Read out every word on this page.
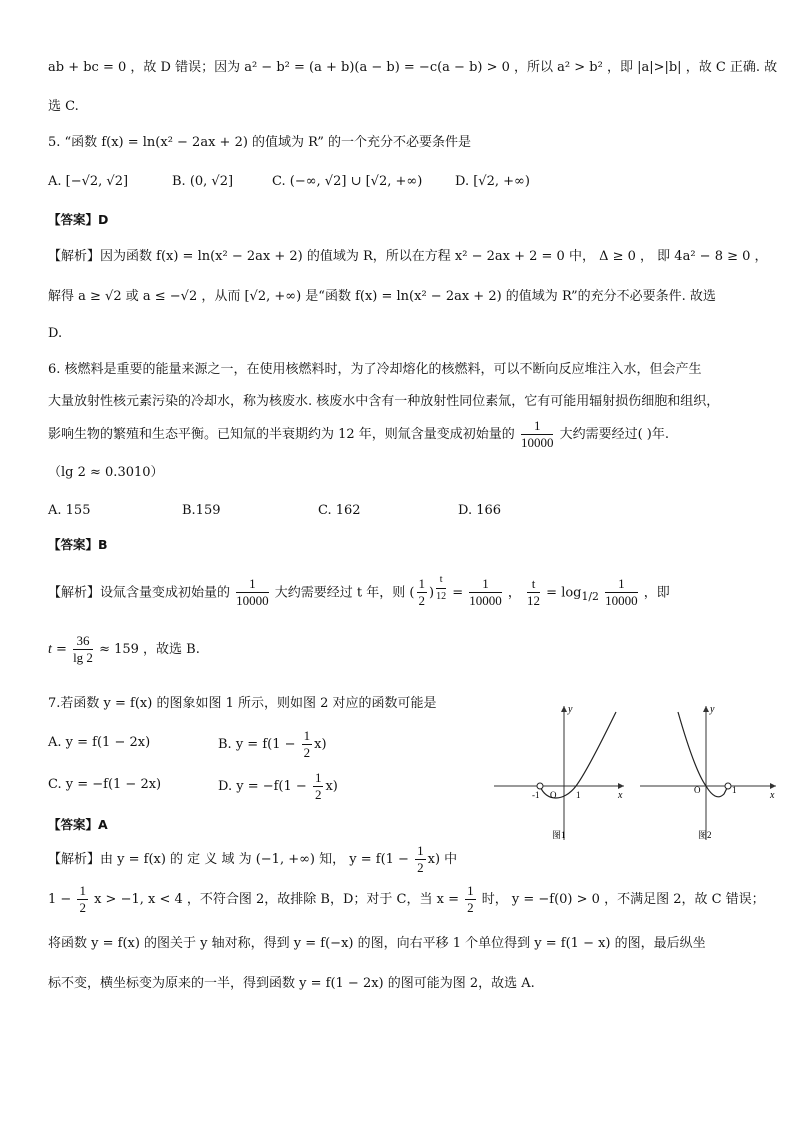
ab + bc = 0 ，故 D 错误；因为 a² − b² = (a + b)(a − b) = −c(a − b) > 0 ，所以 a² > b² ，即 |a|>|b| ，故 C 正确. 故
选 C.
5. “函数 f(x) = ln(x² − 2ax + 2) 的值域为 R” 的一个充分不必要条件是
A. [−√2, √2]	B. (0, √2]	C. (−∞, √2] ∪ [√2, +∞)	D. [√2, +∞)
【答案】D
【解析】因为函数 f(x) = ln(x² − 2ax + 2) 的值域为 R，所以在方程 x² − 2ax + 2 = 0 中， Δ ≥ 0 ， 即 4a² − 8 ≥ 0 ，
解得 a ≥ √2 或 a ≤ −√2 ，从而 [√2, +∞) 是“函数 f(x) = ln(x² − 2ax + 2) 的值域为 R”的充分不必要条件. 故选
D.
6. 核燃料是重要的能量来源之一，在使用核燃料时，为了冷却熔化的核燃料，可以不断向反应堆注入水，但会产生
大量放射性核元素污染的冷却水，称为核废水. 核废水中含有一种放射性同位素氚，它有可能用辐射损伤细胞和组织，
影响生物的繁殖和生态平衡。已知氚的半衰期约为 12 年，则氚含量变成初始量的 $\frac{1}{10000}$ 大约需要经过( )年.
（lg 2 ≈ 0.3010）
A. 155	B.159	C. 162	D. 166
【答案】B
【解析】设氚含量变成初始量的 $\frac{1}{10000}$ 大约需要经过 t 年，则 ( $\frac{1}{2}$ ) $^{\frac{t}{12}} = \frac{1}{10000}$ ， $\frac{t}{12} = \log_{1/2} \frac{1}{10000}$ ，即
$t = \frac{36}{\lg 2} \approx 159$ ，故选 B.
7.若函数 y = f(x) 的图象如图 1 所示，则如图 2 对应的函数可能是
A. y = f(1 − 2x)	B. $y = f(1 - \frac{1}{2} x)$
C. y = −f(1 − 2x)	D. $y = -f(1 - \frac{1}{2} x)$
【答案】A
【解析】由 y = f(x) 的 定 义 域 为 (−1, +∞) 知， $y = f(1 - \frac{1}{2} x)$ 中
$1 - \frac{1}{2}$ x > −1, x < 4 ，不符合图 2，故排除 B，D；对于 C，当 $x = \frac{1}{2}$ 时， y = −f(0) > 0 ，不满足图 2，故 C 错误；
将函数 y = f(x) 的图关于 y 轴对称，得到 y = f(−x) 的图，向右平移 1 个单位得到 y = f(1 − x) 的图，最后纵坐
标不变，横坐标变为原来的一半，得到函数 y = f(1 − 2x) 的图可能为图 2，故选 A.
y
x
O
-1	1
图1
y
x
O	1
图2
